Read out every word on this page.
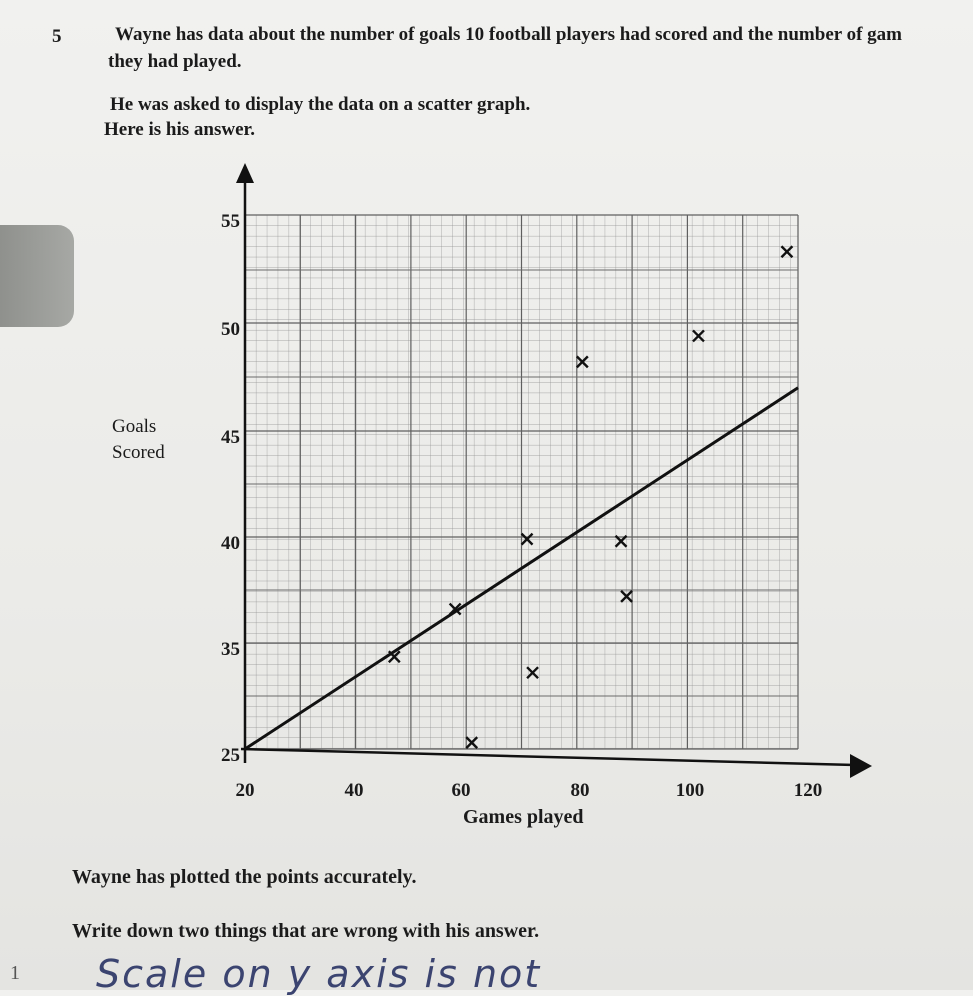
5	Wayne has data about the number of goals 10 football players had scored and the number of gam
they had played.
He was asked to display the data on a scatter graph.
Here is his answer.
25
35
40
45
50
55
20	40	60	80	100	120
Goals Scored
Games played
Wayne has plotted the points accurately.
Write down two things that are wrong with his answer.
1 Scale on y axis is not
